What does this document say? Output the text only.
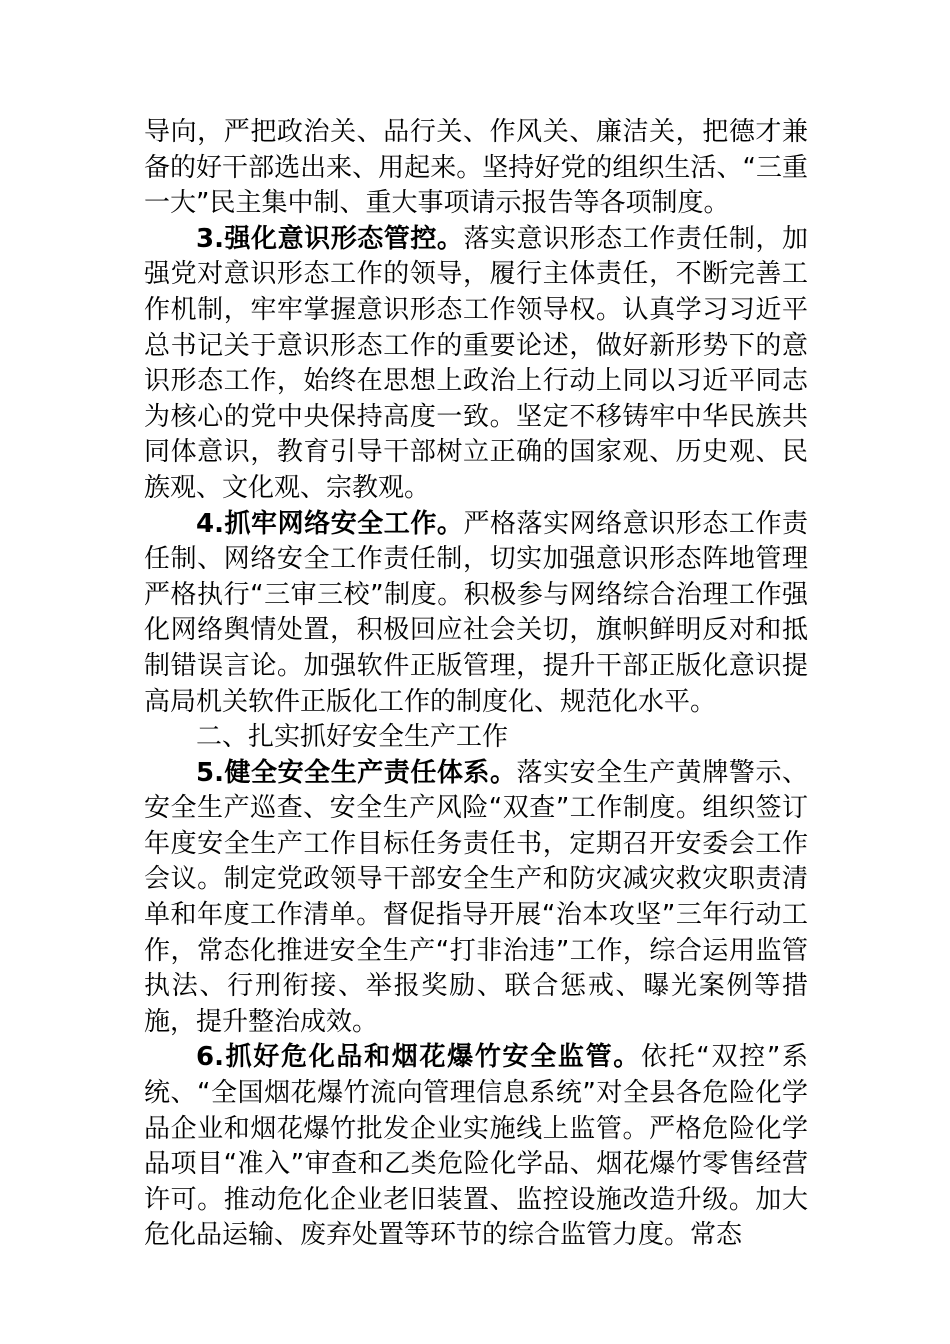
导向，严把政治关、品行关、作风关、廉洁关，把德才兼备的好干部选出来、用起来。坚持好党的组织生活、“三重一大”民主集中制、重大事项请示报告等各项制度。

3.强化意识形态管控。落实意识形态工作责任制，加强党对意识形态工作的领导，履行主体责任，不断完善工作机制，牢牢掌握意识形态工作领导权。认真学习习近平总书记关于意识形态工作的重要论述，做好新形势下的意识形态工作，始终在思想上政治上行动上同以习近平同志为核心的党中央保持高度一致。坚定不移铸牢中华民族共同体意识，教育引导干部树立正确的国家观、历史观、民族观、文化观、宗教观。

4.抓牢网络安全工作。严格落实网络意识形态工作责任制、网络安全工作责任制，切实加强意识形态阵地管理严格执行“三审三校”制度。积极参与网络综合治理工作强化网络舆情处置，积极回应社会关切，旗帜鲜明反对和抵制错误言论。加强软件正版管理，提升干部正版化意识提高局机关软件正版化工作的制度化、规范化水平。

二、扎实抓好安全生产工作

5.健全安全生产责任体系。落实安全生产黄牌警示、安全生产巡查、安全生产风险“双查”工作制度。组织签订年度安全生产工作目标任务责任书，定期召开安委会工作会议。制定党政领导干部安全生产和防灾减灾救灾职责清单和年度工作清单。督促指导开展“治本攻坚”三年行动工作，常态化推进安全生产“打非治违”工作，综合运用监管执法、行刑衔接、举报奖励、联合惩戒、曝光案例等措施，提升整治成效。

6.抓好危化品和烟花爆竹安全监管。依托“双控”系统、“全国烟花爆竹流向管理信息系统”对全县各危险化学品企业和烟花爆竹批发企业实施线上监管。严格危险化学品项目“准入”审查和乙类危险化学品、烟花爆竹零售经营许可。推动危化企业老旧装置、监控设施改造升级。加大危化品运输、废弃处置等环节的综合监管力度。常态
